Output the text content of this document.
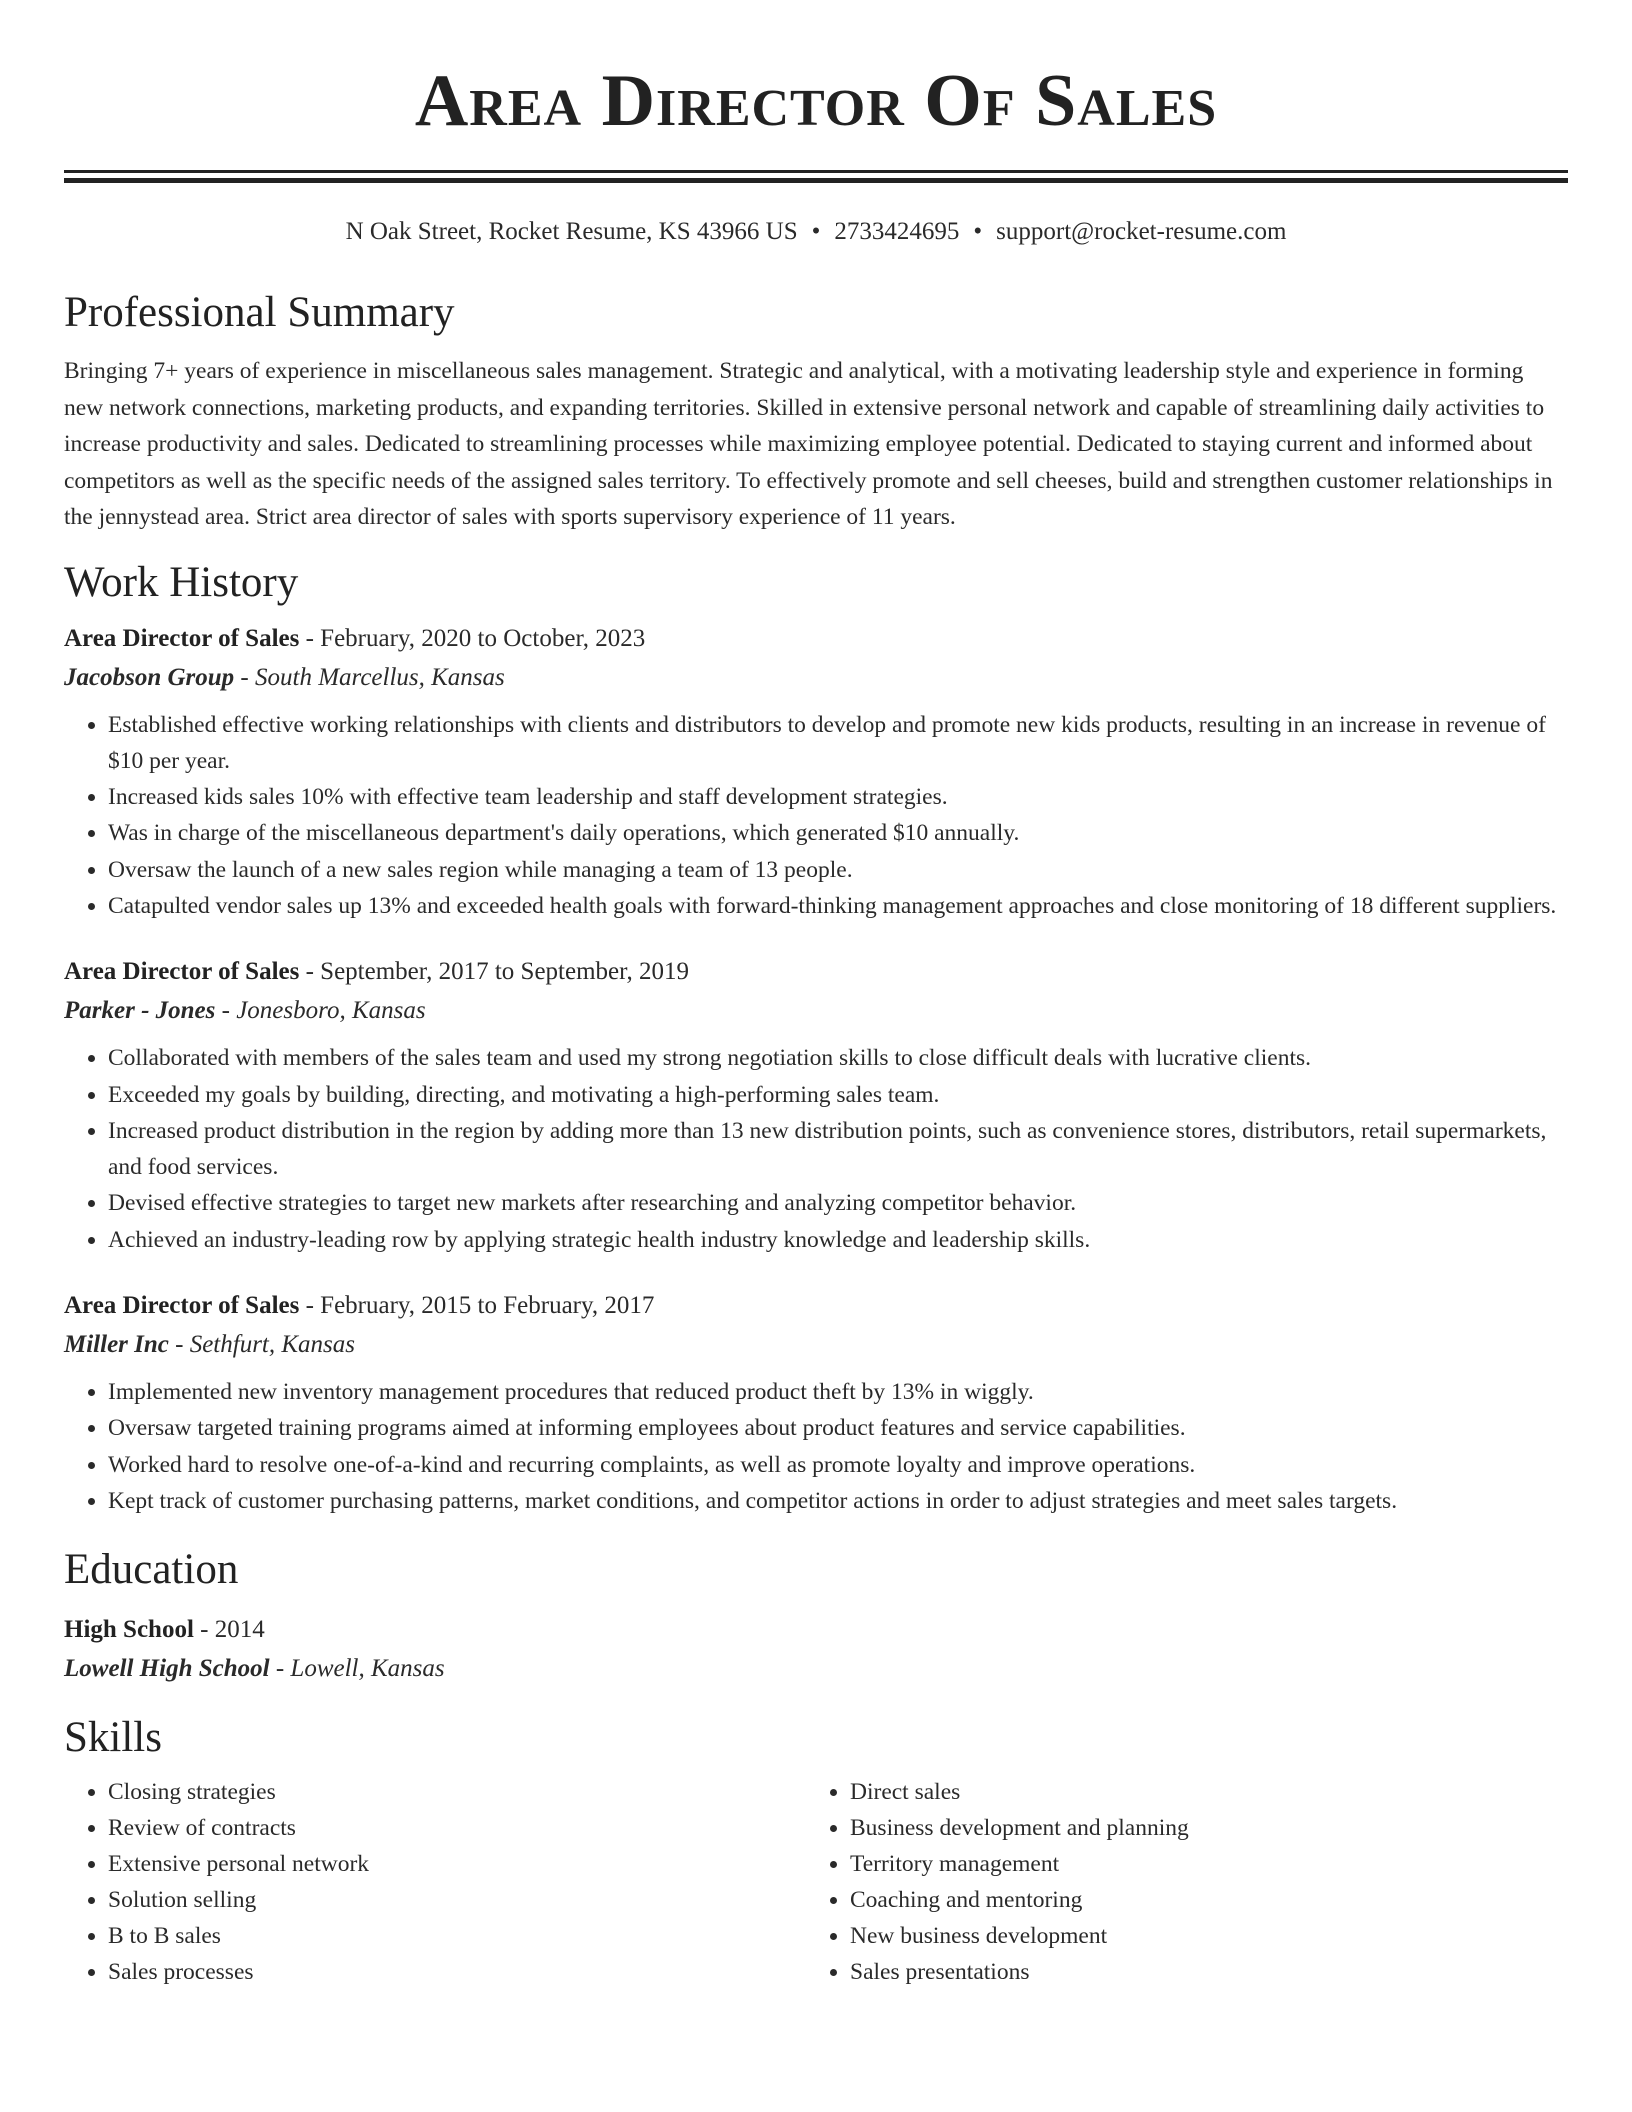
Area Director Of Sales
N Oak Street, Rocket Resume, KS 43966 US • 2733424695 • support@rocket-resume.com
Professional Summary
Bringing 7+ years of experience in miscellaneous sales management. Strategic and analytical, with a motivating leadership style and experience in forming new network connections, marketing products, and expanding territories. Skilled in extensive personal network and capable of streamlining daily activities to increase productivity and sales. Dedicated to streamlining processes while maximizing employee potential. Dedicated to staying current and informed about competitors as well as the specific needs of the assigned sales territory. To effectively promote and sell cheeses, build and strengthen customer relationships in the jennystead area. Strict area director of sales with sports supervisory experience of 11 years.
Work History
Area Director of Sales - February, 2020 to October, 2023
Jacobson Group - South Marcellus, Kansas
• Established effective working relationships with clients and distributors to develop and promote new kids products, resulting in an increase in revenue of $10 per year.
• Increased kids sales 10% with effective team leadership and staff development strategies.
• Was in charge of the miscellaneous department's daily operations, which generated $10 annually.
• Oversaw the launch of a new sales region while managing a team of 13 people.
• Catapulted vendor sales up 13% and exceeded health goals with forward-thinking management approaches and close monitoring of 18 different suppliers.
Area Director of Sales - September, 2017 to September, 2019
Parker - Jones - Jonesboro, Kansas
• Collaborated with members of the sales team and used my strong negotiation skills to close difficult deals with lucrative clients.
• Exceeded my goals by building, directing, and motivating a high-performing sales team.
• Increased product distribution in the region by adding more than 13 new distribution points, such as convenience stores, distributors, retail supermarkets, and food services.
• Devised effective strategies to target new markets after researching and analyzing competitor behavior.
• Achieved an industry-leading row by applying strategic health industry knowledge and leadership skills.
Area Director of Sales - February, 2015 to February, 2017
Miller Inc - Sethfurt, Kansas
• Implemented new inventory management procedures that reduced product theft by 13% in wiggly.
• Oversaw targeted training programs aimed at informing employees about product features and service capabilities.
• Worked hard to resolve one-of-a-kind and recurring complaints, as well as promote loyalty and improve operations.
• Kept track of customer purchasing patterns, market conditions, and competitor actions in order to adjust strategies and meet sales targets.
Education
High School - 2014
Lowell High School - Lowell, Kansas
Skills
• Closing strategies
• Review of contracts
• Extensive personal network
• Solution selling
• B to B sales
• Sales processes
• Direct sales
• Business development and planning
• Territory management
• Coaching and mentoring
• New business development
• Sales presentations
